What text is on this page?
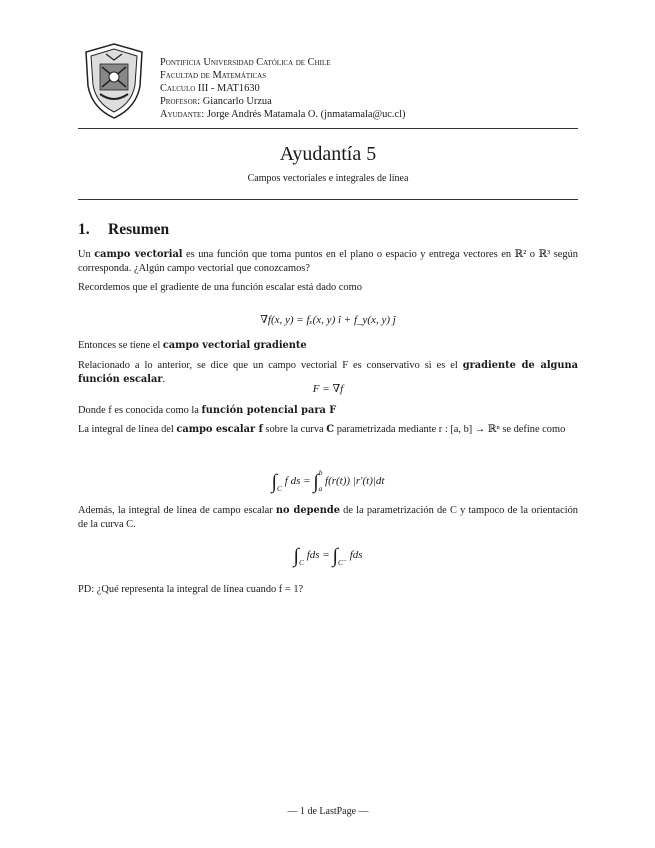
Pontificia Universidad Católica de Chile
Facultad de Matemáticas
Calculo III - MAT1630
Profesor: Giancarlo Urzua
Ayudante: Jorge Andrés Matamala O. (jnmatamala@uc.cl)
Ayudantía 5
Campos vectoriales e integrales de línea
1. Resumen
Un campo vectorial es una función que toma puntos en el plano o espacio y entrega vectores en ℝ² o ℝ³ según corresponda. ¿Algún campo vectorial que conozcamos?
Recordemos que el gradiente de una función escalar está dado como
∇f(x, y) = fₓ(x, y) î + f_y(x, y) ĵ
Entonces se tiene el campo vectorial gradiente
Relacionado a lo anterior, se dice que un campo vectorial F es conservativo si es el gradiente de alguna función escalar.
F = ∇f
Donde f es conocida como la función potencial para F
La integral de línea del campo escalar f sobre la curva C parametrizada mediante r : [a, b] → ℝⁿ se define como
$\int_C$ f ds = ∫$^b_a$ f(r(t)) |r′(t)|dt
Además, la integral de línea de campo escalar no depende de la parametrización de C y tampoco de la orientación de la curva C.
$\int_C$ fds = $\int_{C^-}$ fds
PD: ¿Qué representa la integral de línea cuando f = 1?
— 1 de LastPage —
